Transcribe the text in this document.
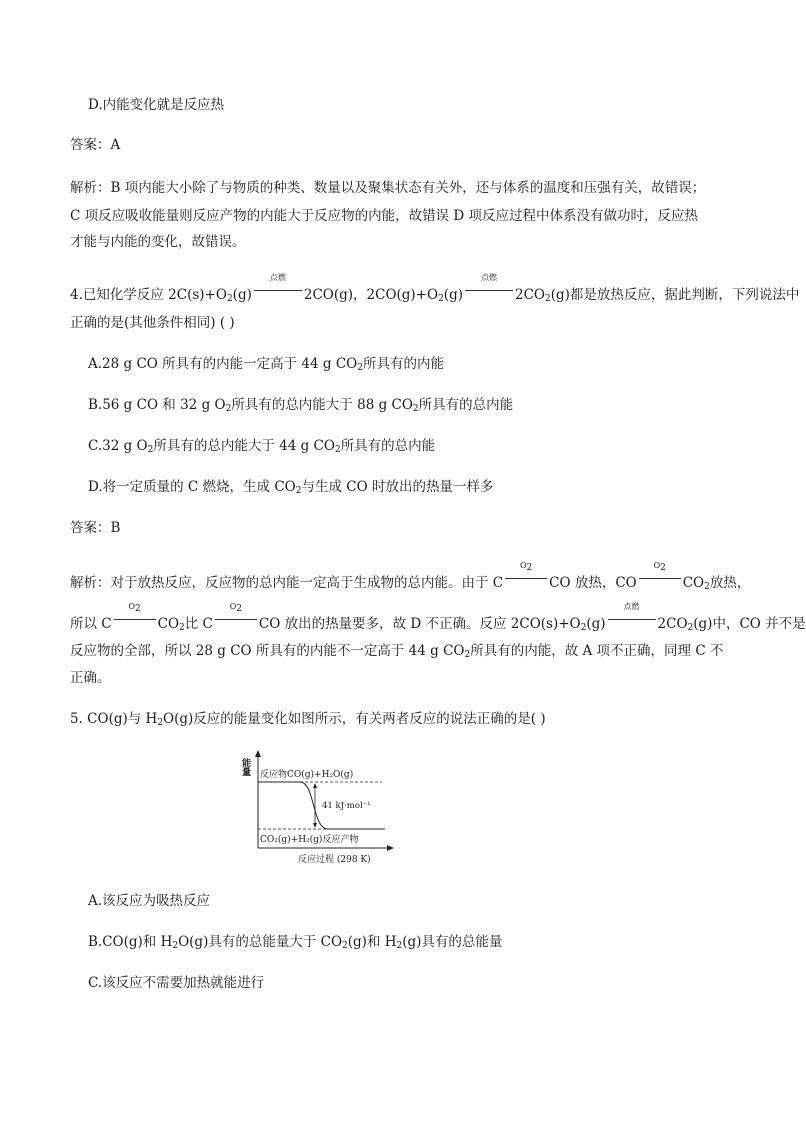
D.内能变化就是反应热
答案：A
解析：B 项内能大小除了与物质的种类、数量以及聚集状态有关外，还与体系的温度和压强有关，故错误；
C 项反应吸收能量则反应产物的内能大于反应物的内能，故错误 D 项反应过程中体系没有做功时，反应热
才能与内能的变化，故错误。
4.已知化学反应 $2C(s)+O_2(g)$
点燃
2CO(g)，$2CO(g)+O_2(g)$
点燃
$2CO_2(g)$都是放热反应，据此判断，下列说法中
正确的是(其他条件相同) ( )
A.28 g CO 所具有的内能一定高于 44 g $CO_2$所具有的内能
B.56 g CO 和 32 g $O_2$所具有的总内能大于 88 g $CO_2$所具有的总内能
C.32 g $O_2$所具有的总内能大于 44 g $CO_2$所具有的总内能
D.将一定质量的 C 燃烧，生成 $CO_2$与生成 CO 时放出的热量一样多
答案：B
解析：对于放热反应，反应物的总内能一定高于生成物的总内能。由于 C
$O_2$
CO 放热，CO
$O_2$
$CO_2$放热，
所以 C
$O_2$
$CO_2$比 C
$O_2$
CO 放出的热量要多，故 D 不正确。反应 $2CO(s)+O_2(g)$
点燃
$2CO_2(g)$中，CO 并不是
反应物的全部，所以 28 g CO 所具有的内能不一定高于 44 g $CO_2$所具有的内能，故 A 项不正确，同理 C 不
正确。
5. CO(g)与 $H_2O(g)$反应的能量变化如图所示，有关两者反应的说法正确的是( )
能量 反应物CO(g)+H₂O(g)
41 kJ·mol⁻¹
CO₂(g)+H₂(g)反应产物
反应过程 (298 K)
A.该反应为吸热反应
B.CO(g)和 $H_2O(g)$具有的总能量大于 $CO_2(g)$和 $H_2(g)$具有的总能量
C.该反应不需要加热就能进行
